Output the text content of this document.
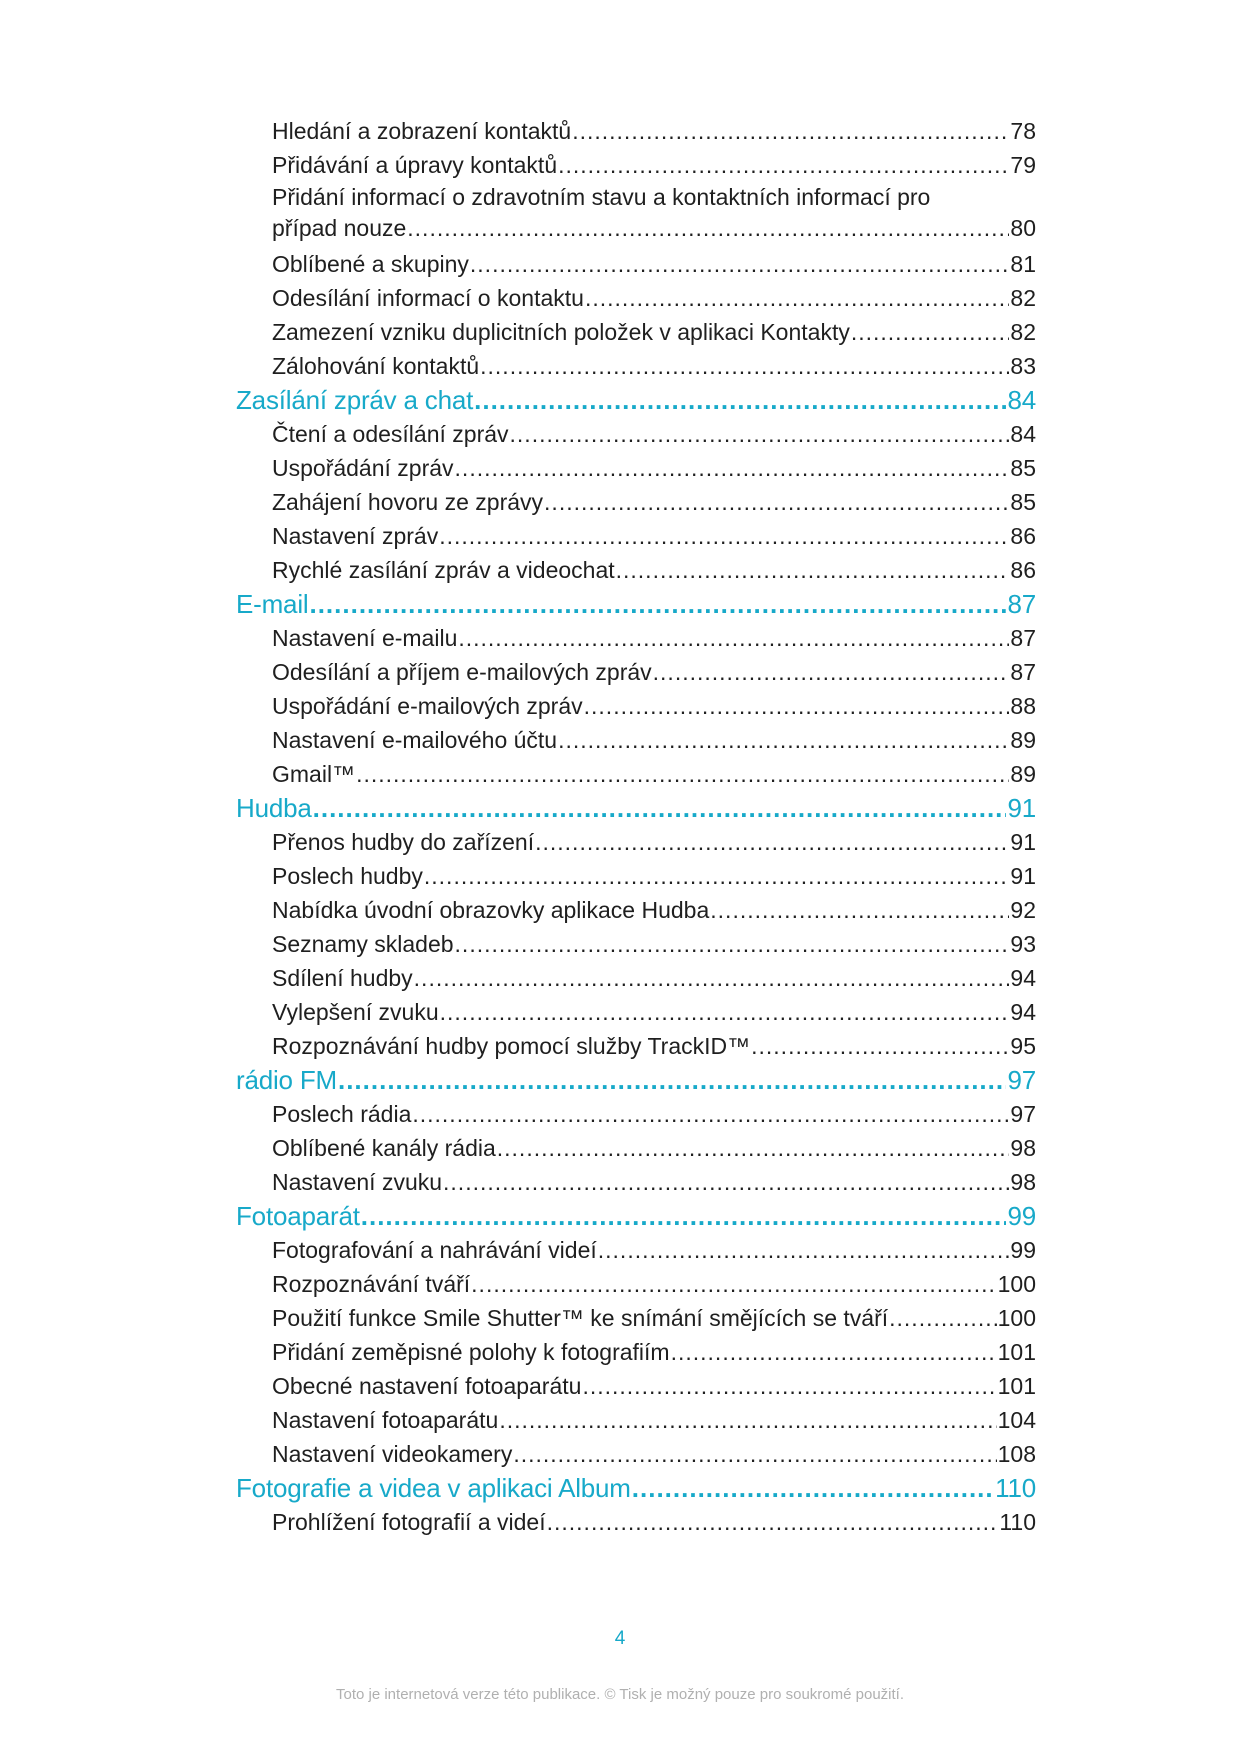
Hledání a zobrazení kontaktů .....	78
Přidávání a úpravy kontaktů .....	79
Přidání informací o zdravotním stavu a kontaktních informací pro
případ nouze .....	80
Oblíbené a skupiny .....	81
Odesílání informací o kontaktu .....	82
Zamezení vzniku duplicitních položek v aplikaci Kontakty .....	82
Zálohování kontaktů .....	83
Zasílání zpráv a chat .....	84
Čtení a odesílání zpráv .....	84
Uspořádání zpráv .....	85
Zahájení hovoru ze zprávy .....	85
Nastavení zpráv .....	86
Rychlé zasílání zpráv a videochat .....	86
E-mail .....	87
Nastavení e-mailu .....	87
Odesílání a příjem e-mailových zpráv .....	87
Uspořádání e-mailových zpráv .....	88
Nastavení e-mailového účtu .....	89
Gmail™ .....	89
Hudba .....	91
Přenos hudby do zařízení .....	91
Poslech hudby .....	91
Nabídka úvodní obrazovky aplikace Hudba .....	92
Seznamy skladeb .....	93
Sdílení hudby .....	94
Vylepšení zvuku .....	94
Rozpoznávání hudby pomocí služby TrackID™ .....	95
rádio FM .....	97
Poslech rádia .....	97
Oblíbené kanály rádia .....	98
Nastavení zvuku .....	98
Fotoaparát .....	99
Fotografování a nahrávání videí .....	99
Rozpoznávání tváří .....	100
Použití funkce Smile Shutter™ ke snímání smějících se tváří .....	100
Přidání zeměpisné polohy k fotografiím .....	101
Obecné nastavení fotoaparátu .....	101
Nastavení fotoaparátu .....	104
Nastavení videokamery .....	108
Fotografie a videa v aplikaci Album .....	110
Prohlížení fotografií a videí .....	110
4
Toto je internetová verze této publikace. © Tisk je možný pouze pro soukromé použití.
